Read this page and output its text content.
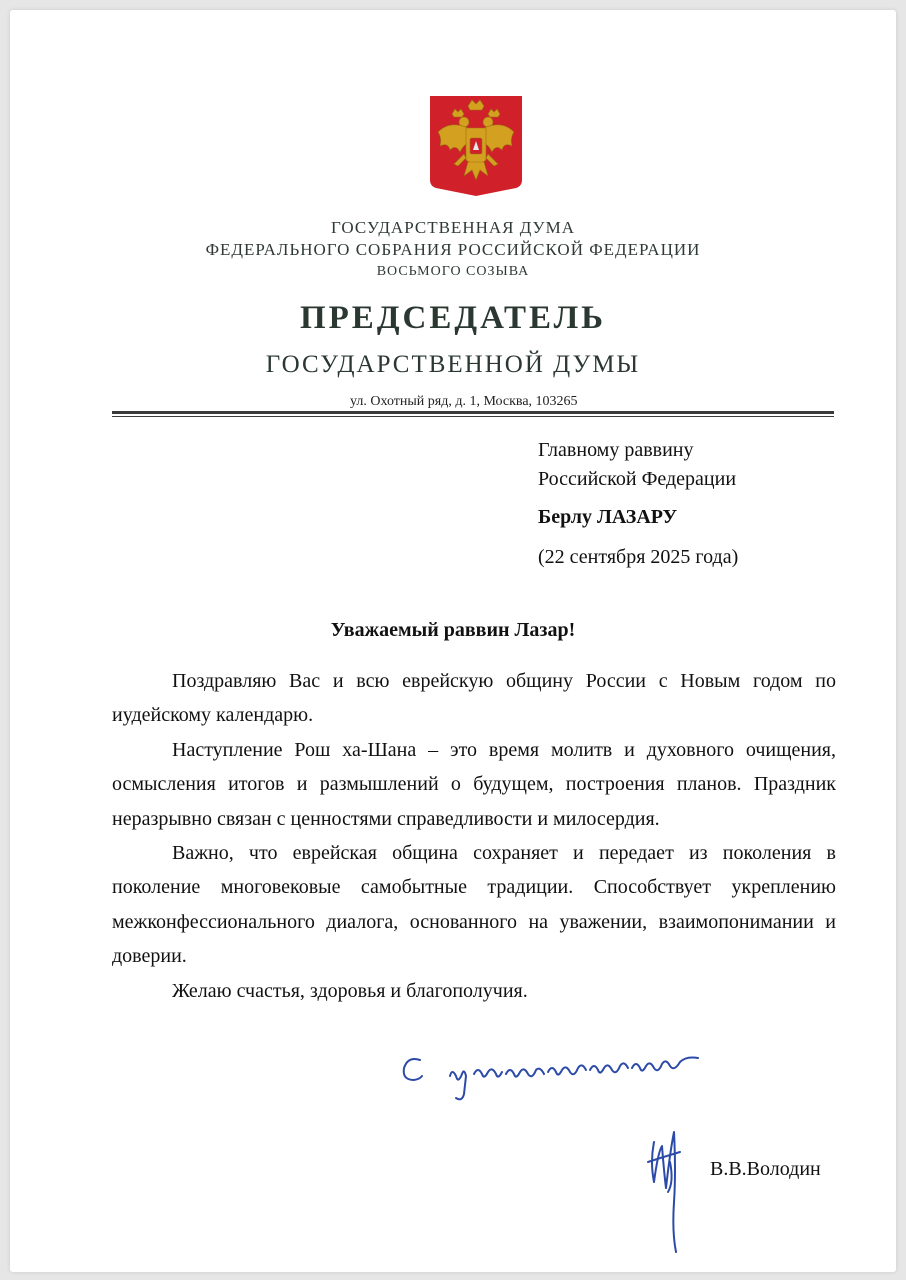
ГОСУДАРСТВЕННАЯ ДУМА
ФЕДЕРАЛЬНОГО СОБРАНИЯ РОССИЙСКОЙ ФЕДЕРАЦИИ
ВОСЬМОГО СОЗЫВА
ПРЕДСЕДАТЕЛЬ
ГОСУДАРСТВЕННОЙ ДУМЫ
ул. Охотный ряд, д. 1, Москва, 103265
Главному раввину
Российской Федерации
Берлу ЛАЗАРУ
(22 сентября 2025 года)
Уважаемый раввин Лазар!

Поздравляю Вас и всю еврейскую общину России с Новым годом по иудейскому календарю.

Наступление Рош ха-Шана – это время молитв и духовного очищения, осмысления итогов и размышлений о будущем, построения планов. Праздник неразрывно связан с ценностями справедливости и милосердия.

Важно, что еврейская община сохраняет и передает из поколения в поколение многовековые самобытные традиции. Способствует укреплению межконфессионального диалога, основанного на уважении, взаимопонимании и доверии.

Желаю счастья, здоровья и благополучия.

В.В.Володин
